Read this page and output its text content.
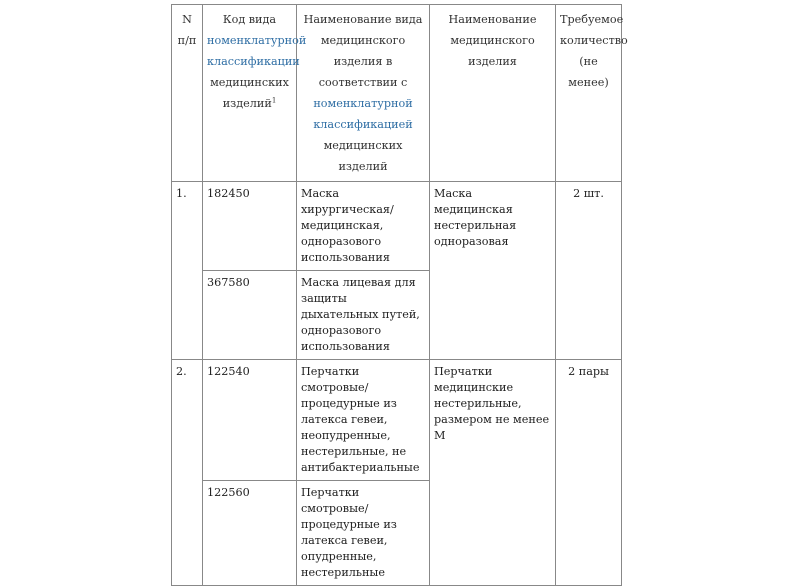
N п/п	Код вида номенклатурной классификации медицинских изделий$^1$	Наименование вида медицинского изделия в соответствии с номенклатурной классификацией медицинских изделий	Наименование медицинского изделия	Требуемое количество (не менее)
1.	182450	Маска хирургическая/ медицинская, одноразового использования	Маска медицинская нестерильная одноразовая	2 шт.
	367580	Маска лицевая для защиты дыхательных путей, одноразового использования		
2.	122540	Перчатки смотровые/ процедурные из латекса гевеи, неопудренные, нестерильные, не антибактериальные	Перчатки медицинские нестерильные, размером не менее М	2 пары
	122560	Перчатки смотровые/ процедурные из латекса гевеи, опудренные, нестерильные		
